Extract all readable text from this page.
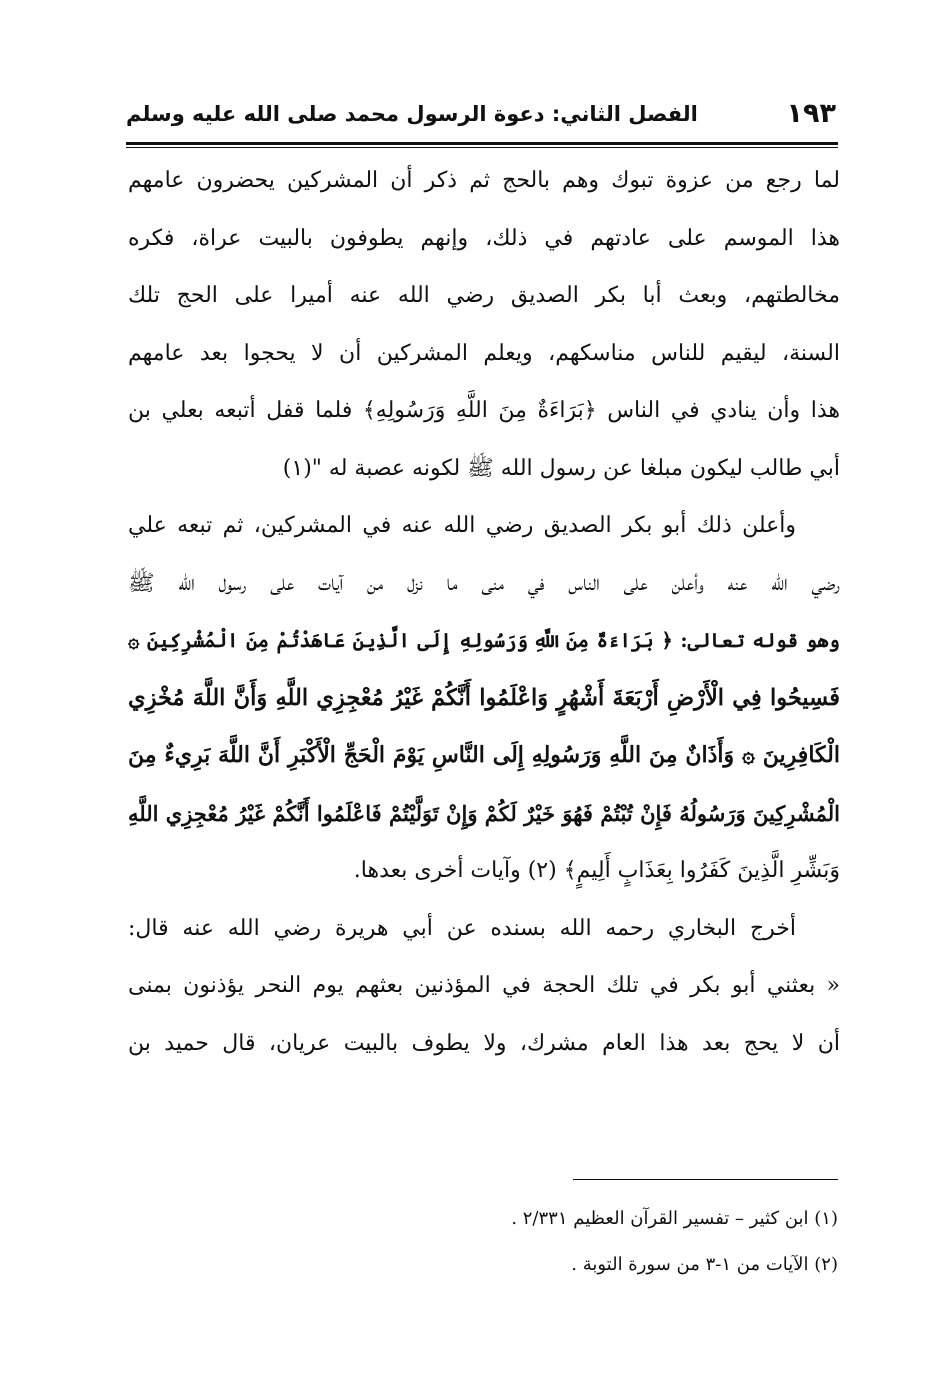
١٩٣
الفصل الثاني: دعوة الرسول محمد صلى الله عليه وسلم
لما رجع من عزوة تبوك وهم بالحج ثم ذكر أن المشركين يحضرون عامهم
هذا الموسم على عادتهم في ذلك، وإنهم يطوفون بالبيت عراة، فكره
مخالطتهم، وبعث أبا بكر الصديق رضي الله عنه أميرا على الحج تلك
السنة، ليقيم للناس مناسكهم، ويعلم المشركين أن لا يحجوا بعد عامهم
هذا وأن ينادي في الناس ﴿بَرَاءَةٌ مِنَ اللَّهِ وَرَسُولِهِ﴾ فلما قفل أتبعه بعلي بن
أبي طالب ليكون مبلغا عن رسول الله ﷺ لكونه عصبة له "(١)
وأعلن ذلك أبو بكر الصديق رضي الله عنه في المشركين، ثم تبعه علي
رضي الله عنه وأعلن على الناس في منى ما نزل من آيات على رسول الله ﷺ
وهو قوله تعالى: ﴿ بَرَاءَةٌ مِنَ اللَّهِ وَرَسُولِهِ إِلَى الَّذِينَ عَاهَدْتُمْ مِنَ الْمُشْرِكِينَ ۞
فَسِيحُوا فِي الْأَرْضِ أَرْبَعَةَ أَشْهُرٍ وَاعْلَمُوا أَنَّكُمْ غَيْرُ مُعْجِزِي اللَّهِ وَأَنَّ اللَّهَ مُخْزِي
الْكَافِرِينَ ۞ وَأَذَانٌ مِنَ اللَّهِ وَرَسُولِهِ إِلَى النَّاسِ يَوْمَ الْحَجِّ الْأَكْبَرِ أَنَّ اللَّهَ بَرِيءٌ مِنَ
الْمُشْرِكِينَ وَرَسُولُهُ فَإِنْ تُبْتُمْ فَهُوَ خَيْرٌ لَكُمْ وَإِنْ تَوَلَّيْتُمْ فَاعْلَمُوا أَنَّكُمْ غَيْرُ مُعْجِزِي اللَّهِ
وَبَشِّرِ الَّذِينَ كَفَرُوا بِعَذَابٍ أَلِيمٍ﴾ (٢) وآيات أخرى بعدها.
أخرج البخاري رحمه الله بسنده عن أبي هريرة رضي الله عنه قال:
« بعثني أبو بكر في تلك الحجة في المؤذنين بعثهم يوم النحر يؤذنون بمنى
أن لا يحج بعد هذا العام مشرك، ولا يطوف بالبيت عريان، قال حميد بن
(١) ابن كثير – تفسير القرآن العظيم ٢/٣٣١ .
(٢) الآيات من ١-٣ من سورة التوبة .
